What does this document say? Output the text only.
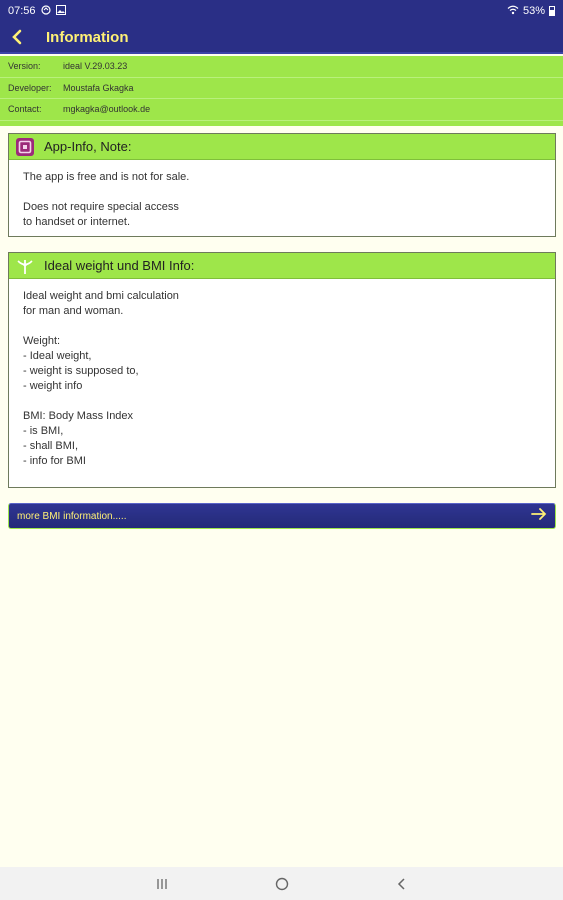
07:56	53%
Information
Version:	ideal V.29.03.23
Developer:	Moustafa Gkagka
Contact:	mgkagka@outlook.de
App-Info, Note:

The app is free and is not for sale.

Does not require special access

to handset or internet.

Ideal weight und BMI Info:

Ideal weight and bmi calculation

for man and woman.

Weight:

- Ideal weight,

- weight is supposed to,

- weight info

BMI: Body Mass Index

- is BMI,

- shall BMI,

- info for BMI

more BMI information.....
